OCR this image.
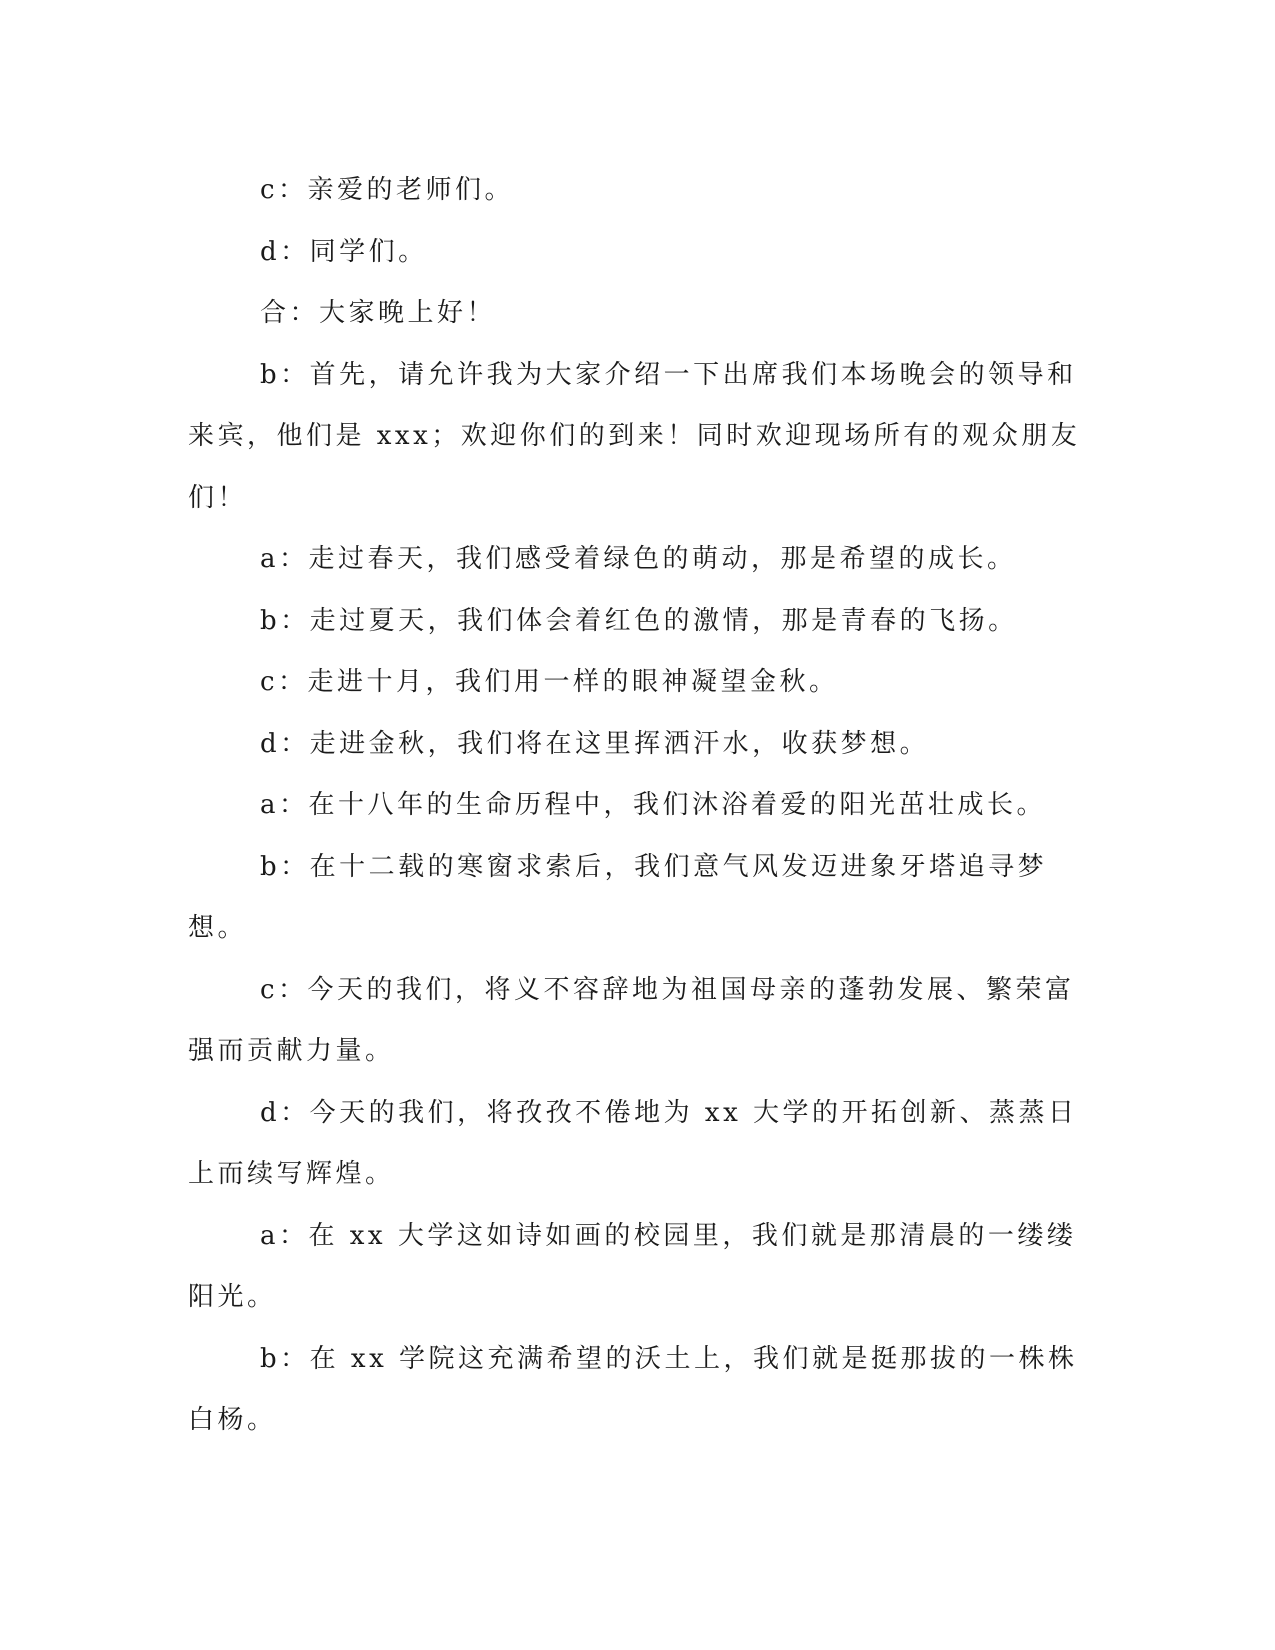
c：亲爱的老师们。

d：同学们。

合：大家晚上好！

b：首先，请允许我为大家介绍一下出席我们本场晚会的领导和来宾，他们是 xxx；欢迎你们的到来！同时欢迎现场所有的观众朋友们！

a：走过春天，我们感受着绿色的萌动，那是希望的成长。

b：走过夏天，我们体会着红色的激情，那是青春的飞扬。

c：走进十月，我们用一样的眼神凝望金秋。

d：走进金秋，我们将在这里挥洒汗水，收获梦想。

a：在十八年的生命历程中，我们沐浴着爱的阳光茁壮成长。

b：在十二载的寒窗求索后，我们意气风发迈进象牙塔追寻梦想。

c：今天的我们，将义不容辞地为祖国母亲的蓬勃发展、繁荣富强而贡献力量。

d：今天的我们，将孜孜不倦地为 xx 大学的开拓创新、蒸蒸日上而续写辉煌。

a：在 xx 大学这如诗如画的校园里，我们就是那清晨的一缕缕阳光。

b：在 xx 学院这充满希望的沃土上，我们就是挺那拔的一株株白杨。
